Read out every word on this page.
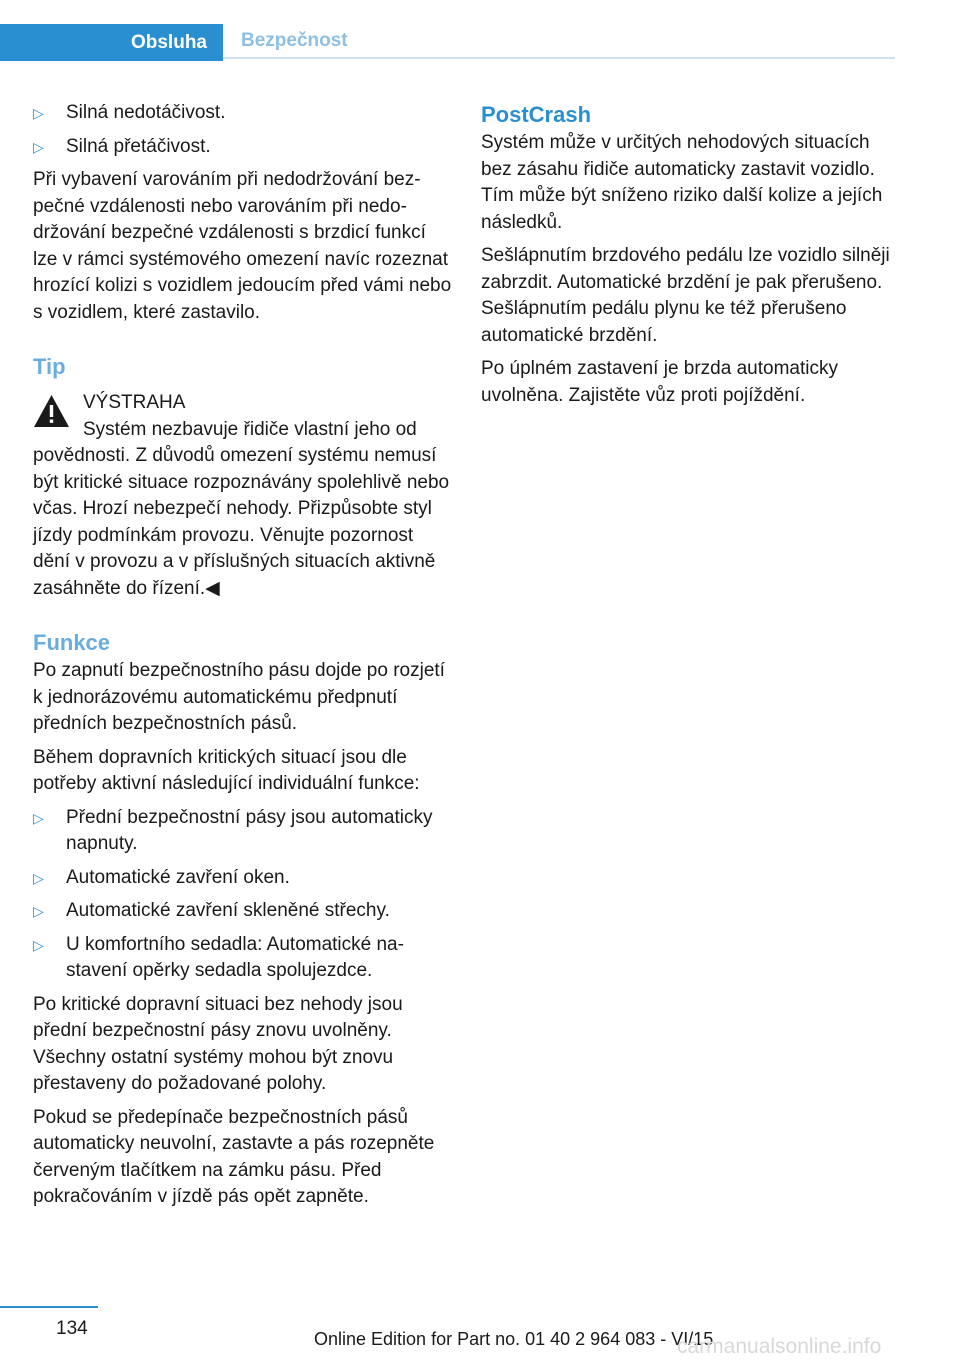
Obsluha	Bezpečnost
▷	Silná nedotáčivost.
▷	Silná přetáčivost.

Při vybavení varováním při nedodržování bezpečné vzdálenosti nebo varováním při nedodržování bezpečné vzdálenosti s brzdicí funkcí lze v rámci systémového omezení navíc rozeznat hrozící kolizi s vozidlem jedoucím před vámi nebo s vozidlem, které zastavilo.

Tip
VÝSTRAHA
Systém nezbavuje řidiče vlastní jeho od

povědnosti. Z důvodů omezení systému nemusí být kritické situace rozpoznávány spolehlivě nebo včas. Hrozí nebezpečí nehody. Přizpůsobte styl jízdy podmínkám provozu. Věnujte pozornost dění v provozu a v příslušných situacích aktivně zasáhněte do řízení.◀

Funkce

Po zapnutí bezpečnostního pásu dojde po rozjetí k jednorázovému automatickému předpnutí předních bezpečnostních pásů.

Během dopravních kritických situací jsou dle potřeby aktivní následující individuální funkce:

▷	Přední bezpečnostní pásy jsou automaticky napnuty.
▷	Automatické zavření oken.
▷	Automatické zavření skleněné střechy.
▷	U komfortního sedadla: Automatické nastavení opěrky sedadla spolujezdce.

Po kritické dopravní situaci bez nehody jsou přední bezpečnostní pásy znovu uvolněny. Všechny ostatní systémy mohou být znovu přestaveny do požadované polohy.

Pokud se předepínače bezpečnostních pásů automaticky neuvolní, zastavte a pás rozepněte červeným tlačítkem na zámku pásu. Před pokračováním v jízdě pás opět zapněte.

PostCrash

Systém může v určitých nehodových situacích bez zásahu řidiče automaticky zastavit vozidlo. Tím může být sníženo riziko další kolize a jejích následků.

Sešlápnutím brzdového pedálu lze vozidlo silněji zabrzdit. Automatické brzdění je pak přerušeno. Sešlápnutím pedálu plynu ke též přerušeno automatické brzdění.

Po úplném zastavení je brzda automaticky uvolněna. Zajistěte vůz proti pojíždění.

134	Online Edition for Part no. 01 40 2 964 083 - VI/15
carmanualsonline.info
